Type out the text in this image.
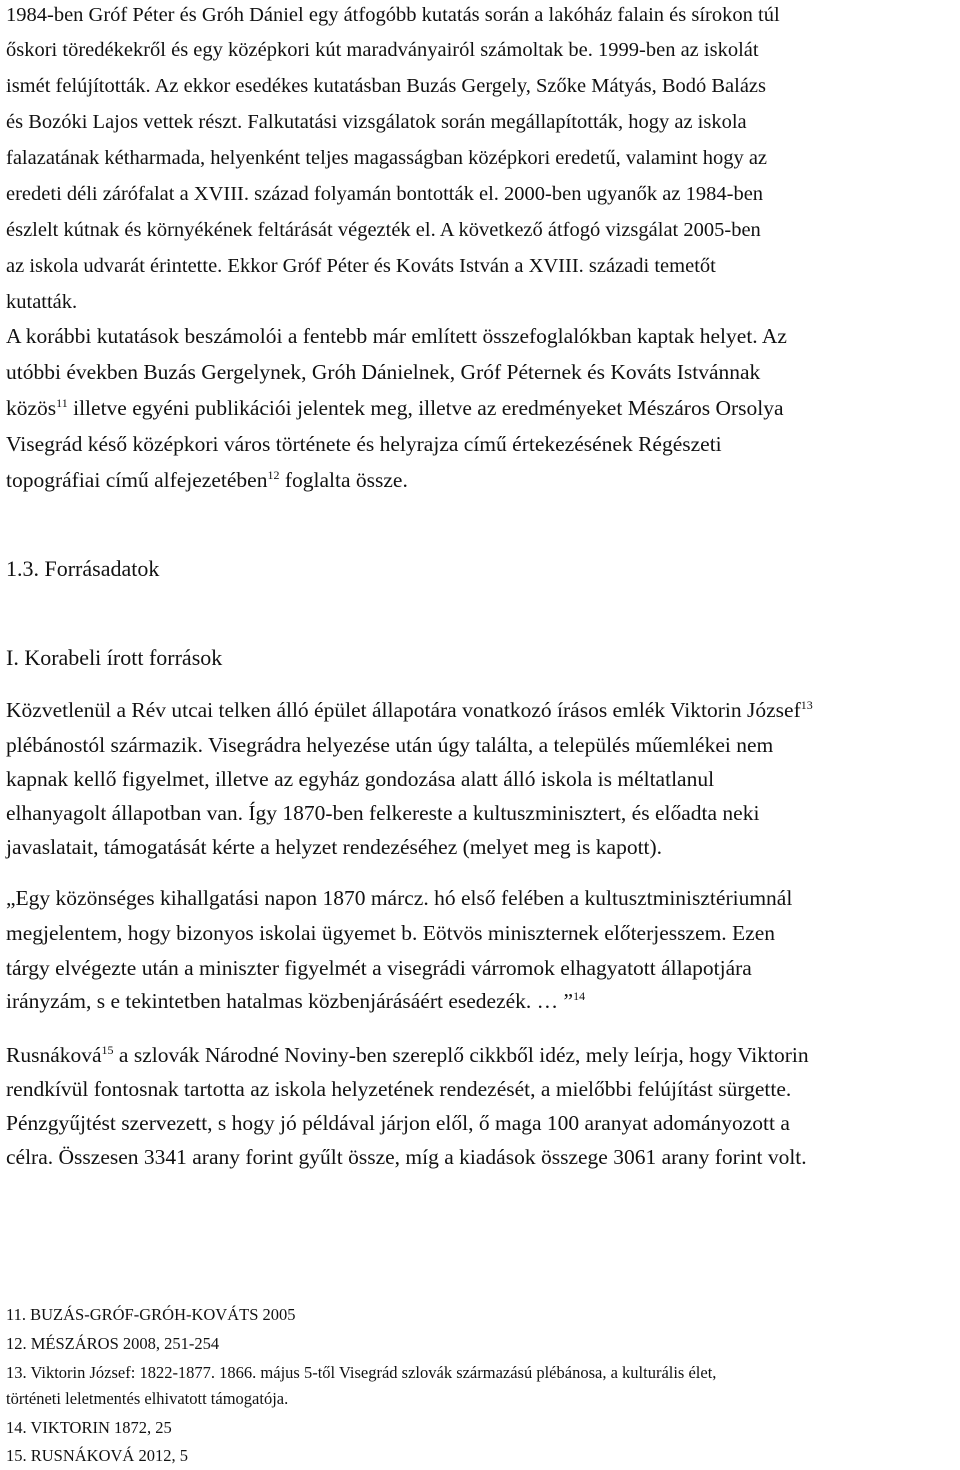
1984-ben Gróf Péter és Gróh Dániel egy átfogóbb kutatás során a lakóház falain és sírokon túl
őskori töredékekről és egy középkori kút maradványairól számoltak be. 1999-ben az iskolát
ismét felújították. Az ekkor esedékes kutatásban Buzás Gergely, Szőke Mátyás, Bodó Balázs
és Bozóki Lajos vettek részt. Falkutatási vizsgálatok során megállapították, hogy az iskola
falazatának kétharmada, helyenként teljes magasságban középkori eredetű, valamint hogy az
eredeti déli zárófalat a XVIII. század folyamán bontották el. 2000-ben ugyanők az 1984-ben
észlelt kútnak és környékének feltárását végezték el. A következő átfogó vizsgálat 2005-ben
az iskola udvarát érintette. Ekkor Gróf Péter és Kováts István a XVIII. századi temetőt
kutatták.
A korábbi kutatások beszámolói a fentebb már említett összefoglalókban kaptak helyet. Az
utóbbi években Buzás Gergelynek, Gróh Dánielnek, Gróf Péternek és Kováts Istvánnak
közös$^{11}$ illetve egyéni publikációi jelentek meg, illetve az eredményeket Mészáros Orsolya
Visegrád késő középkori város története és helyrajza című értekezésének Régészeti
topográfiai című alfejezetében$^{12}$ foglalta össze.
1.3. Forrásadatok
I. Korabeli írott források
Közvetlenül a Rév utcai telken álló épület állapotára vonatkozó írásos emlék Viktorin József$^{13}$
plébánostól származik. Visegrádra helyezése után úgy találta, a település műemlékei nem
kapnak kellő figyelmet, illetve az egyház gondozása alatt álló iskola is méltatlanul
elhanyagolt állapotban van. Így 1870-ben felkereste a kultuszminisztert, és előadta neki
javaslatait, támogatását kérte a helyzet rendezéséhez (melyet meg is kapott).
„Egy közönséges kihallgatási napon 1870 márcz. hó első felében a kultusztminisztériumnál
megjelentem, hogy bizonyos iskolai ügyemet b. Eötvös miniszternek előterjesszem. Ezen
tárgy elvégezte után a miniszter figyelmét a visegrádi várromok elhagyatott állapotjára
irányzám, s e tekintetben hatalmas közbenjárásáért esedezék. … ”$^{14}$
Rusnáková$^{15}$ a szlovák Národné Noviny-ben szereplő cikkből idéz, mely leírja, hogy Viktorin
rendkívül fontosnak tartotta az iskola helyzetének rendezését, a mielőbbi felújítást sürgette.
Pénzgyűjtést szervezett, s hogy jó példával járjon elől, ő maga 100 aranyat adományozott a
célra. Összesen 3341 arany forint gyűlt össze, míg a kiadások összege 3061 arany forint volt.
11. BUZÁS-GRÓF-GRÓH-KOVÁTS 2005
12. MÉSZÁROS 2008, 251-254
13. Viktorin József: 1822-1877. 1866. május 5-től Visegrád szlovák származású plébánosa, a kulturális élet,
történeti leletmentés elhivatott támogatója.
14. VIKTORIN 1872, 25
15. RUSNÁKOVÁ 2012, 5
